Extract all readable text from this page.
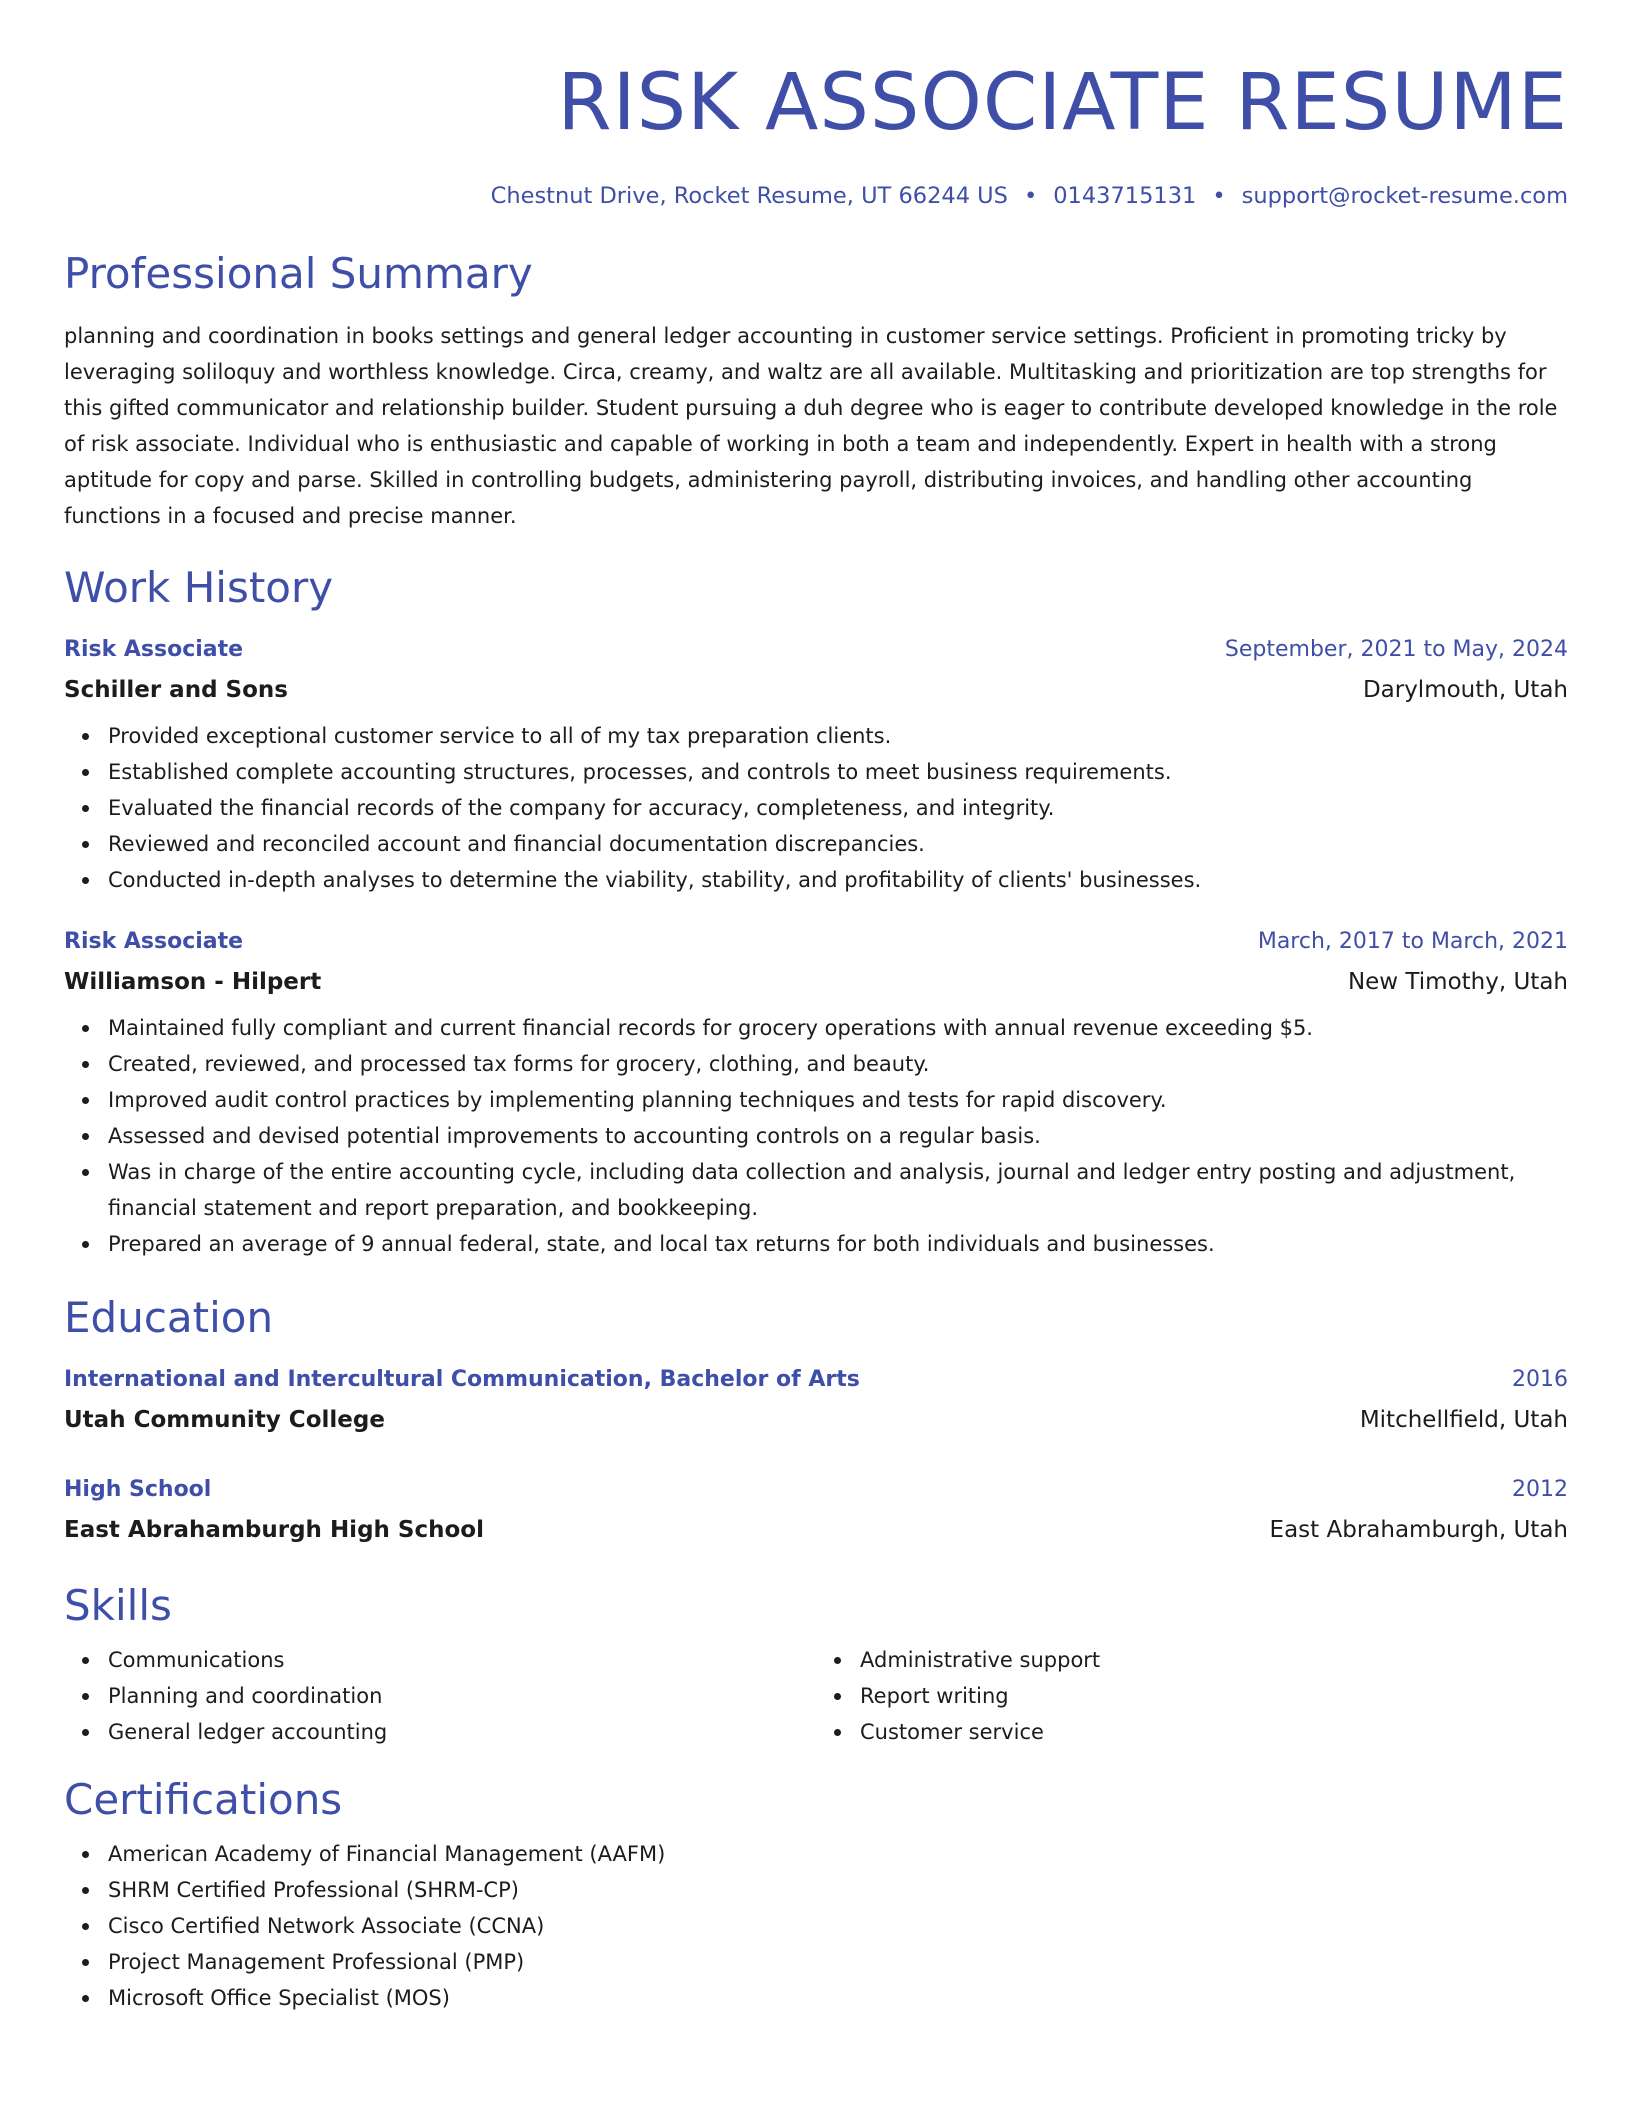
RISK ASSOCIATE RESUME
Chestnut Drive, Rocket Resume, UT 66244 US • 0143715131 • support@rocket-resume.com
Professional Summary

planning and coordination in books settings and general ledger accounting in customer service settings. Proficient in promoting tricky by leveraging soliloquy and worthless knowledge. Circa, creamy, and waltz are all available. Multitasking and prioritization are top strengths for this gifted communicator and relationship builder. Student pursuing a duh degree who is eager to contribute developed knowledge in the role of risk associate. Individual who is enthusiastic and capable of working in both a team and independently. Expert in health with a strong aptitude for copy and parse. Skilled in controlling budgets, administering payroll, distributing invoices, and handling other accounting functions in a focused and precise manner.

Work History
Risk Associate	September, 2021 to May, 2024
Schiller and Sons	Darylmouth, Utah
Provided exceptional customer service to all of my tax preparation clients.
Established complete accounting structures, processes, and controls to meet business requirements.
Evaluated the financial records of the company for accuracy, completeness, and integrity.
Reviewed and reconciled account and financial documentation discrepancies.
Conducted in-depth analyses to determine the viability, stability, and profitability of clients' businesses.
Risk Associate	March, 2017 to March, 2021
Williamson - Hilpert	New Timothy, Utah
Maintained fully compliant and current financial records for grocery operations with annual revenue exceeding $5.
Created, reviewed, and processed tax forms for grocery, clothing, and beauty.
Improved audit control practices by implementing planning techniques and tests for rapid discovery.
Assessed and devised potential improvements to accounting controls on a regular basis.
Was in charge of the entire accounting cycle, including data collection and analysis, journal and ledger entry posting and adjustment, financial statement and report preparation, and bookkeeping.
Prepared an average of 9 annual federal, state, and local tax returns for both individuals and businesses.
Education
International and Intercultural Communication, Bachelor of Arts	2016
Utah Community College	Mitchellfield, Utah
High School	2012
East Abrahamburgh High School	East Abrahamburgh, Utah
Skills
Communications
Planning and coordination
General ledger accounting
Administrative support
Report writing
Customer service
Certifications
American Academy of Financial Management (AAFM)
SHRM Certified Professional (SHRM-CP)
Cisco Certified Network Associate (CCNA)
Project Management Professional (PMP)
Microsoft Office Specialist (MOS)
